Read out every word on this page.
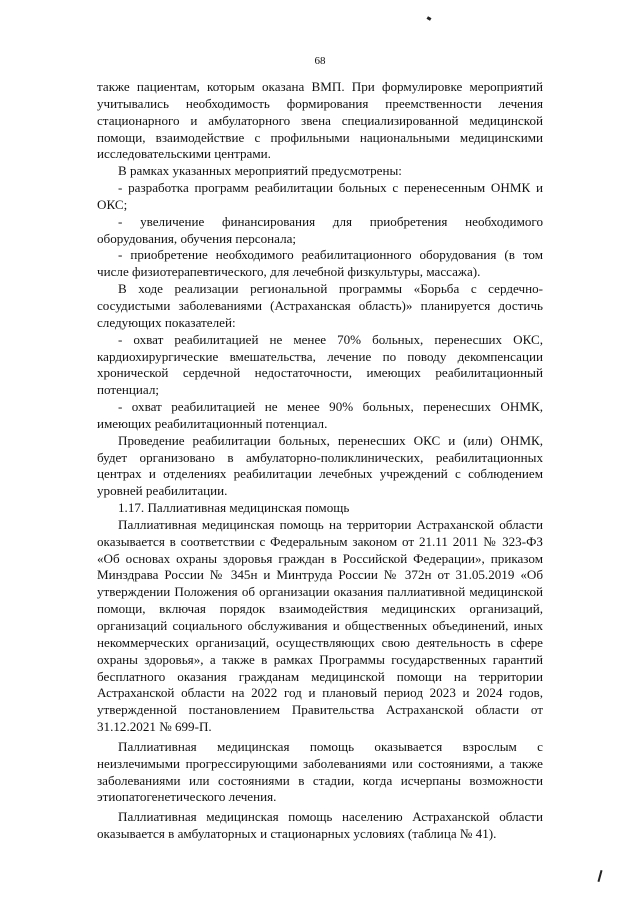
68

также пациентам, которым оказана ВМП. При формулировке мероприятий учитывались необходимость формирования преемственности лечения стационарного и амбулаторного звена специализированной медицинской помощи, взаимодействие с профильными национальными медицинскими исследовательскими центрами.

В рамках указанных мероприятий предусмотрены:

- разработка программ реабилитации больных с перенесенным ОНМК и ОКС;

- увеличение финансирования для приобретения необходимого оборудования, обучения персонала;

- приобретение необходимого реабилитационного оборудования (в том числе физиотерапевтического, для лечебной физкультуры, массажа).

В ходе реализации региональной программы «Борьба с сердечно-сосудистыми заболеваниями (Астраханская область)» планируется достичь следующих показателей:

- охват реабилитацией не менее 70% больных, перенесших ОКС, кардиохирургические вмешательства, лечение по поводу декомпенсации хронической сердечной недостаточности, имеющих реабилитационный потенциал;

- охват реабилитацией не менее 90% больных, перенесших ОНМК, имеющих реабилитационный потенциал.

Проведение реабилитации больных, перенесших ОКС и (или) ОНМК, будет организовано в амбулаторно-поликлинических, реабилитационных центрах и отделениях реабилитации лечебных учреждений с соблюдением уровней реабилитации.

1.17. Паллиативная медицинская помощь

Паллиативная медицинская помощь на территории Астраханской области оказывается в соответствии с Федеральным законом от 21.11 2011 № 323-ФЗ «Об основах охраны здоровья граждан в Российской Федерации», приказом Минздрава России № 345н и Минтруда России № 372н от 31.05.2019 «Об утверждении Положения об организации оказания паллиативной медицинской помощи, включая порядок взаимодействия медицинских организаций, организаций социального обслуживания и общественных объединений, иных некоммерческих организаций, осуществляющих свою деятельность в сфере охраны здоровья», а также в рамках Программы государственных гарантий бесплатного оказания гражданам медицинской помощи на территории Астраханской области на 2022 год и плановый период 2023 и 2024 годов, утвержденной постановлением Правительства Астраханской области от 31.12.2021 № 699-П.

Паллиативная медицинская помощь оказывается взрослым с неизлечимыми прогрессирующими заболеваниями или состояниями, а также заболеваниями или состояниями в стадии, когда исчерпаны возможности этиопатогенетического лечения.

Паллиативная медицинская помощь населению Астраханской области оказывается в амбулаторных и стационарных условиях (таблица № 41).
